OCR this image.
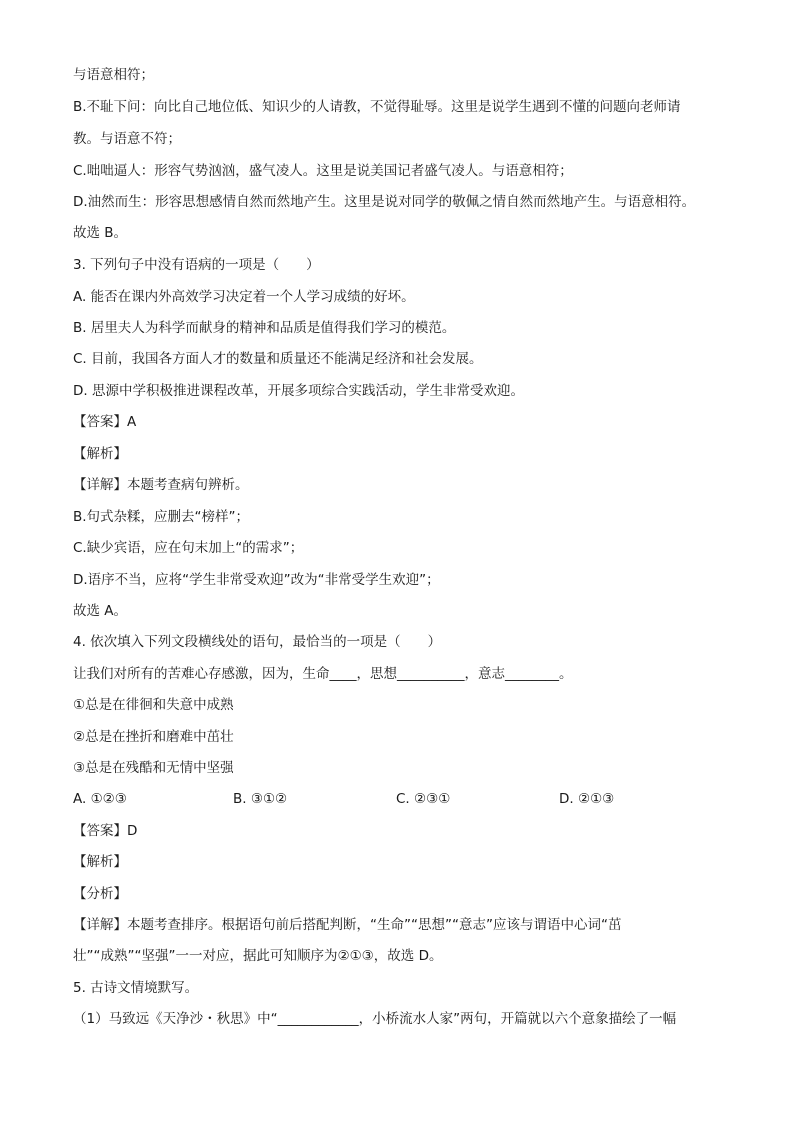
与语意相符；
B.不耻下问：向比自己地位低、知识少的人请教，不觉得耻辱。这里是说学生遇到不懂的问题向老师请
教。与语意不符；
C.咄咄逼人：形容气势汹汹，盛气凌人。这里是说美国记者盛气凌人。与语意相符；
D.油然而生：形容思想感情自然而然地产生。这里是说对同学的敬佩之情自然而然地产生。与语意相符。
故选 B。
3. 下列句子中没有语病的一项是（　　）
A. 能否在课内外高效学习决定着一个人学习成绩的好坏。
B. 居里夫人为科学而献身的精神和品质是值得我们学习的模范。
C. 目前，我国各方面人才的数量和质量还不能满足经济和社会发展。
D. 思源中学积极推进课程改革，开展多项综合实践活动，学生非常受欢迎。
【答案】A
【解析】
【详解】本题考查病句辨析。
B.句式杂糅，应删去“榜样”；
C.缺少宾语，应在句末加上“的需求”；
D.语序不当，应将“学生非常受欢迎”改为“非常受学生欢迎”；
故选 A。
4. 依次填入下列文段横线处的语句，最恰当的一项是（　　）
让我们对所有的苦难心存感激，因为，生命____，思想__________，意志________。
①总是在徘徊和失意中成熟
②总是在挫折和磨难中茁壮
③总是在残酷和无情中坚强
A. ①②③	B. ③①②	C. ②③①	D. ②①③
【答案】D
【解析】
【分析】
【详解】本题考查排序。根据语句前后搭配判断，“生命”“思想”“意志”应该与谓语中心词“茁
壮”“成熟”“坚强”一一对应，据此可知顺序为②①③，故选 D。
5. 古诗文情境默写。
（1）马致远《天净沙・秋思》中“____________，小桥流水人家”两句，开篇就以六个意象描绘了一幅
